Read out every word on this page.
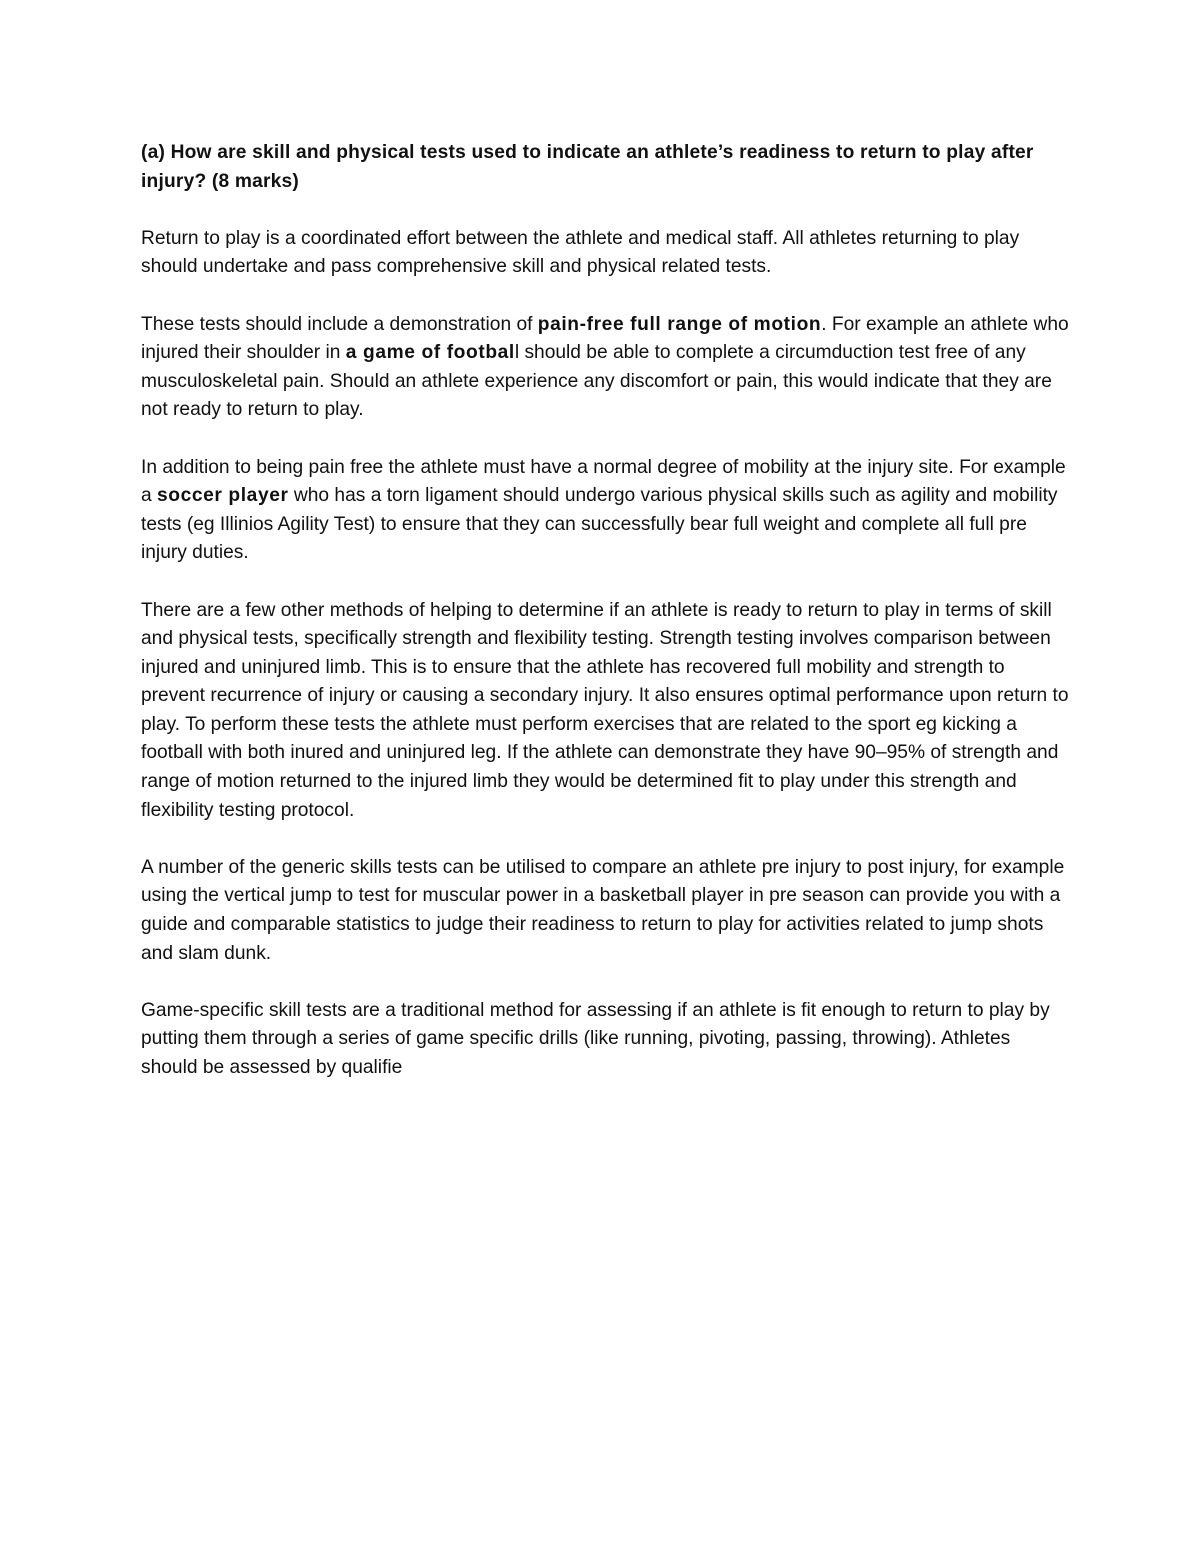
(a) How are skill and physical tests used to indicate an athlete’s readiness to return to play after injury? (8 marks)

Return to play is a coordinated effort between the athlete and medical staff. All athletes returning to play should undertake and pass comprehensive skill and physical related tests.

These tests should include a demonstration of pain-free full range of motion. For example an athlete who injured their shoulder in a game of football should be able to complete a circumduction test free of any musculoskeletal pain. Should an athlete experience any discomfort or pain, this would indicate that they are not ready to return to play.

In addition to being pain free the athlete must have a normal degree of mobility at the injury site. For example a soccer player who has a torn ligament should undergo various physical skills such as agility and mobility tests (eg Illinios Agility Test) to ensure that they can successfully bear full weight and complete all full pre injury duties.

There are a few other methods of helping to determine if an athlete is ready to return to play in terms of skill and physical tests, specifically strength and flexibility testing. Strength testing involves comparison between injured and uninjured limb. This is to ensure that the athlete has recovered full mobility and strength to prevent recurrence of injury or causing a secondary injury. It also ensures optimal performance upon return to play. To perform these tests the athlete must perform exercises that are related to the sport eg kicking a football with both inured and uninjured leg. If the athlete can demonstrate they have 90–95% of strength and range of motion returned to the injured limb they would be determined fit to play under this strength and flexibility testing protocol.

A number of the generic skills tests can be utilised to compare an athlete pre injury to post injury, for example using the vertical jump to test for muscular power in a basketball player in pre season can provide you with a guide and comparable statistics to judge their readiness to return to play for activities related to jump shots and slam dunk.

Game-specific skill tests are a traditional method for assessing if an athlete is fit enough to return to play by putting them through a series of game specific drills (like running, pivoting, passing, throwing). Athletes should be assessed by qualifie
